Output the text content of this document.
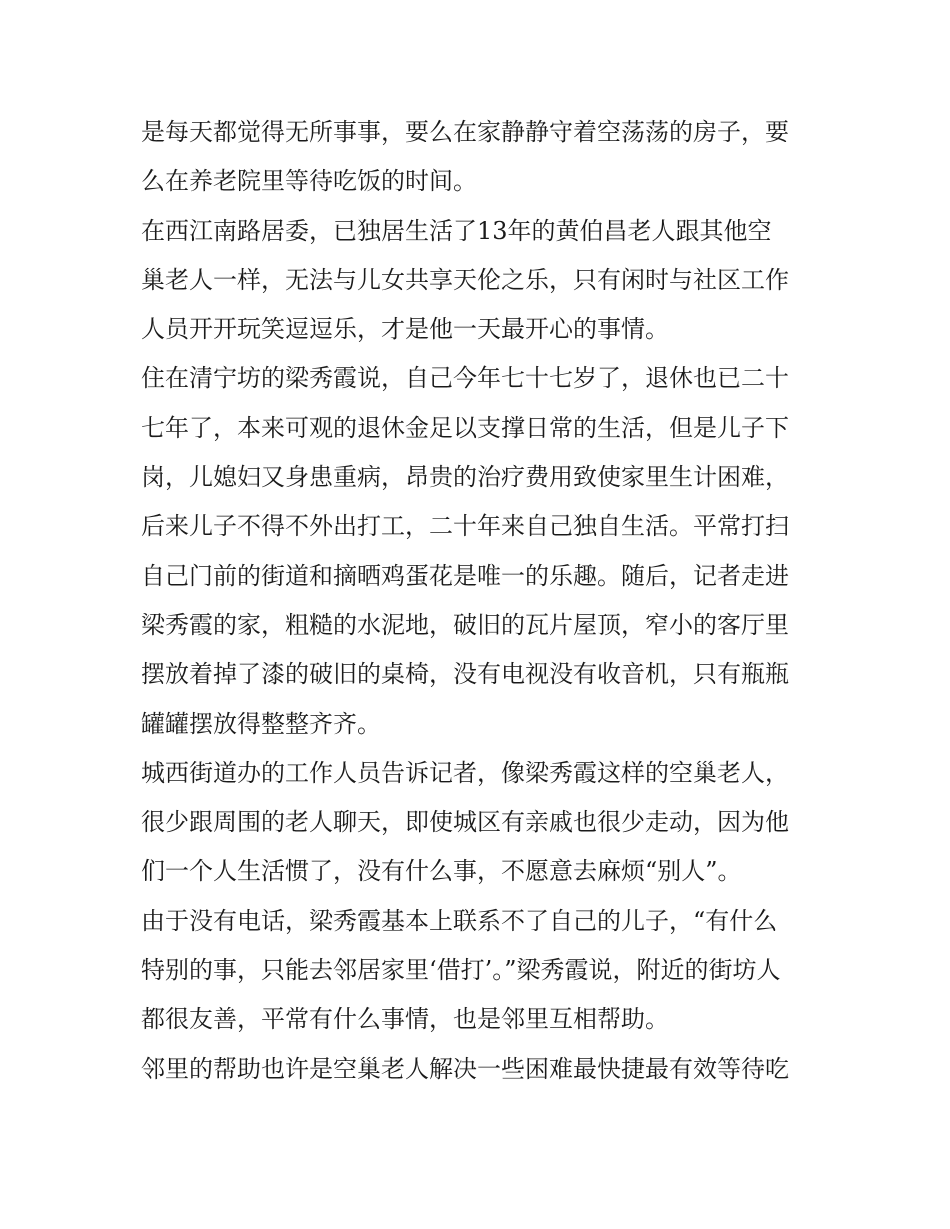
是每天都觉得无所事事，要么在家静静守着空荡荡的房子，要
么在养老院里等待吃饭的时间。
在西江南路居委，已独居生活了13年的黄伯昌老人跟其他空
巢老人一样，无法与儿女共享天伦之乐，只有闲时与社区工作
人员开开玩笑逗逗乐，才是他一天最开心的事情。
住在清宁坊的梁秀霞说，自己今年七十七岁了，退休也已二十
七年了，本来可观的退休金足以支撑日常的生活，但是儿子下
岗，儿媳妇又身患重病，昂贵的治疗费用致使家里生计困难，
后来儿子不得不外出打工，二十年来自己独自生活。平常打扫
自己门前的街道和摘晒鸡蛋花是唯一的乐趣。随后，记者走进
梁秀霞的家，粗糙的水泥地，破旧的瓦片屋顶，窄小的客厅里
摆放着掉了漆的破旧的桌椅，没有电视没有收音机，只有瓶瓶
罐罐摆放得整整齐齐。
城西街道办的工作人员告诉记者，像梁秀霞这样的空巢老人，
很少跟周围的老人聊天，即使城区有亲戚也很少走动，因为他
们一个人生活惯了，没有什么事，不愿意去麻烦“别人”。
由于没有电话，梁秀霞基本上联系不了自己的儿子，“有什么
特别的事，只能去邻居家里‘借打’。”梁秀霞说，附近的街坊人
都很友善，平常有什么事情，也是邻里互相帮助。
邻里的帮助也许是空巢老人解决一些困难最快捷最有效等待吃
